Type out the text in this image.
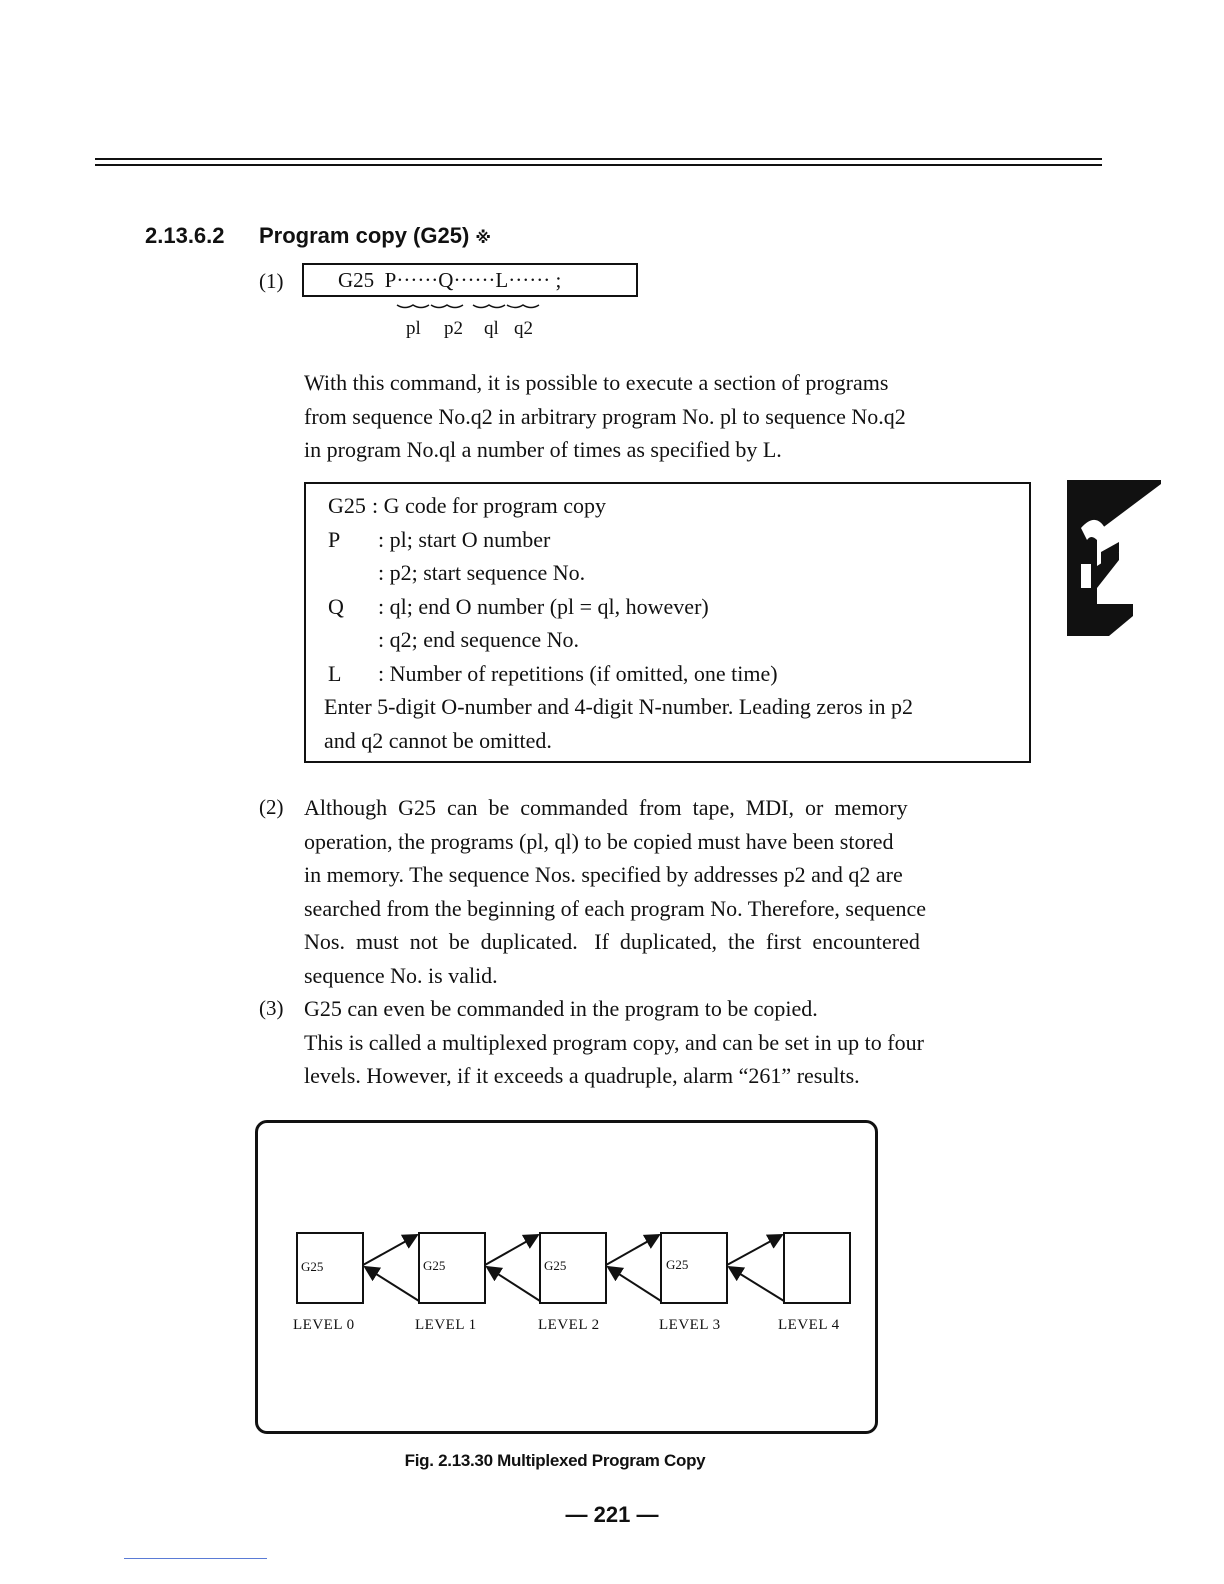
2.13.6.2 Program copy (G25) ※
(1)	G25  P······Q······L······ ;
pl p2 ql q2
With this command, it is possible to execute a section of programs
from sequence No.q2 in arbitrary program No. pl to sequence No.q2
in program No.ql a number of times as specified by L.
G25 : G code for program copy
P : pl; start O number
: p2; start sequence No.
Q : ql; end O number (pl = ql, however)
: q2; end sequence No.
L : Number of repetitions (if omitted, one time)
Enter 5-digit O-number and 4-digit N-number. Leading zeros in p2
and q2 cannot be omitted.
(2) Although  G25  can  be  commanded  from  tape,  MDI,  or  memory
operation, the programs (pl, ql) to be copied must have been stored
in memory. The sequence Nos. specified by addresses p2 and q2 are
searched from the beginning of each program No. Therefore, sequence
Nos.  must  not  be  duplicated.   If  duplicated,  the  first  encountered
sequence No. is valid.
(3) G25 can even be commanded in the program to be copied.
This is called a multiplexed program copy, and can be set in up to four
levels. However, if it exceeds a quadruple, alarm “261” results.
G25	G25	G25	G25
LEVEL 0	LEVEL 1	LEVEL 2	LEVEL 3	LEVEL 4
Fig. 2.13.30 Multiplexed Program Copy
— 221 —
2
